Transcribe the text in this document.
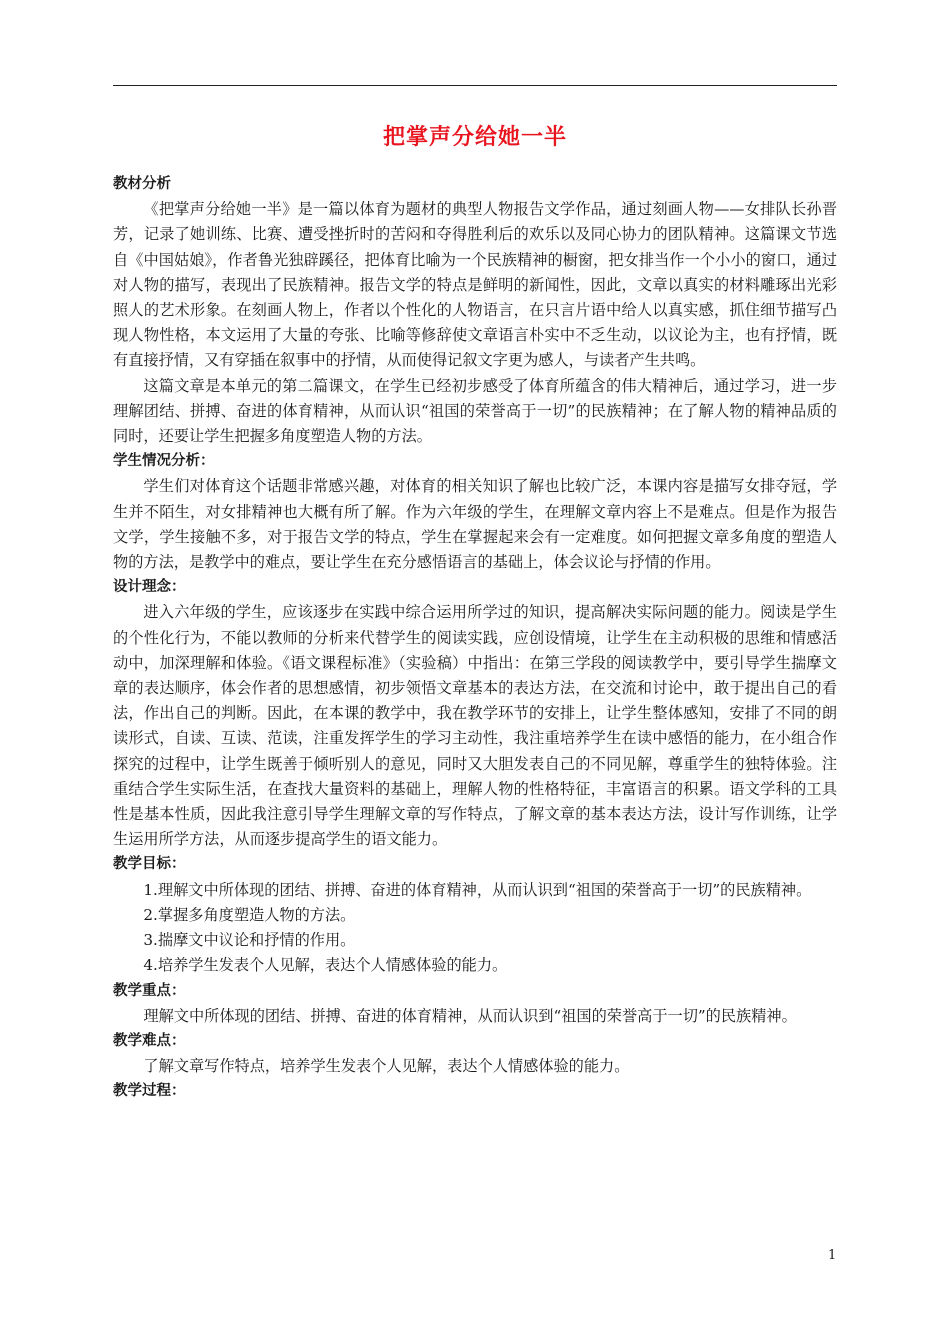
把掌声分给她一半

教材分析

《把掌声分给她一半》是一篇以体育为题材的典型人物报告文学作品，通过刻画人物——女排队长孙晋芳，记录了她训练、比赛、遭受挫折时的苦闷和夺得胜利后的欢乐以及同心协力的团队精神。这篇课文节选自《中国姑娘》，作者鲁光独辟蹊径，把体育比喻为一个民族精神的橱窗，把女排当作一个小小的窗口，通过对人物的描写，表现出了民族精神。报告文学的特点是鲜明的新闻性，因此，文章以真实的材料雕琢出光彩照人的艺术形象。在刻画人物上，作者以个性化的人物语言，在只言片语中给人以真实感，抓住细节描写凸现人物性格，本文运用了大量的夸张、比喻等修辞使文章语言朴实中不乏生动，以议论为主，也有抒情，既有直接抒情，又有穿插在叙事中的抒情，从而使得记叙文字更为感人，与读者产生共鸣。

这篇文章是本单元的第二篇课文，在学生已经初步感受了体育所蕴含的伟大精神后，通过学习，进一步理解团结、拼搏、奋进的体育精神，从而认识“祖国的荣誉高于一切”的民族精神；在了解人物的精神品质的同时，还要让学生把握多角度塑造人物的方法。

学生情况分析：

学生们对体育这个话题非常感兴趣，对体育的相关知识了解也比较广泛，本课内容是描写女排夺冠，学生并不陌生，对女排精神也大概有所了解。作为六年级的学生，在理解文章内容上不是难点。但是作为报告文学，学生接触不多，对于报告文学的特点，学生在掌握起来会有一定难度。如何把握文章多角度的塑造人物的方法，是教学中的难点，要让学生在充分感悟语言的基础上，体会议论与抒情的作用。

设计理念：

进入六年级的学生，应该逐步在实践中综合运用所学过的知识，提高解决实际问题的能力。阅读是学生的个性化行为，不能以教师的分析来代替学生的阅读实践，应创设情境，让学生在主动积极的思维和情感活动中，加深理解和体验。《语文课程标准》（实验稿）中指出：在第三学段的阅读教学中，要引导学生揣摩文章的表达顺序，体会作者的思想感情，初步领悟文章基本的表达方法，在交流和讨论中，敢于提出自己的看法，作出自己的判断。因此，在本课的教学中，我在教学环节的安排上，让学生整体感知，安排了不同的朗读形式，自读、互读、范读，注重发挥学生的学习主动性，我注重培养学生在读中感悟的能力，在小组合作探究的过程中，让学生既善于倾听别人的意见，同时又大胆发表自己的不同见解，尊重学生的独特体验。注重结合学生实际生活，在查找大量资料的基础上，理解人物的性格特征，丰富语言的积累。语文学科的工具性是基本性质，因此我注意引导学生理解文章的写作特点，了解文章的基本表达方法，设计写作训练，让学生运用所学方法，从而逐步提高学生的语文能力。

教学目标：

1.理解文中所体现的团结、拼搏、奋进的体育精神，从而认识到“祖国的荣誉高于一切”的民族精神。

2.掌握多角度塑造人物的方法。

3.揣摩文中议论和抒情的作用。

4.培养学生发表个人见解，表达个人情感体验的能力。

教学重点：

理解文中所体现的团结、拼搏、奋进的体育精神，从而认识到“祖国的荣誉高于一切”的民族精神。

教学难点：

了解文章写作特点，培养学生发表个人见解，表达个人情感体验的能力。

教学过程：

1
